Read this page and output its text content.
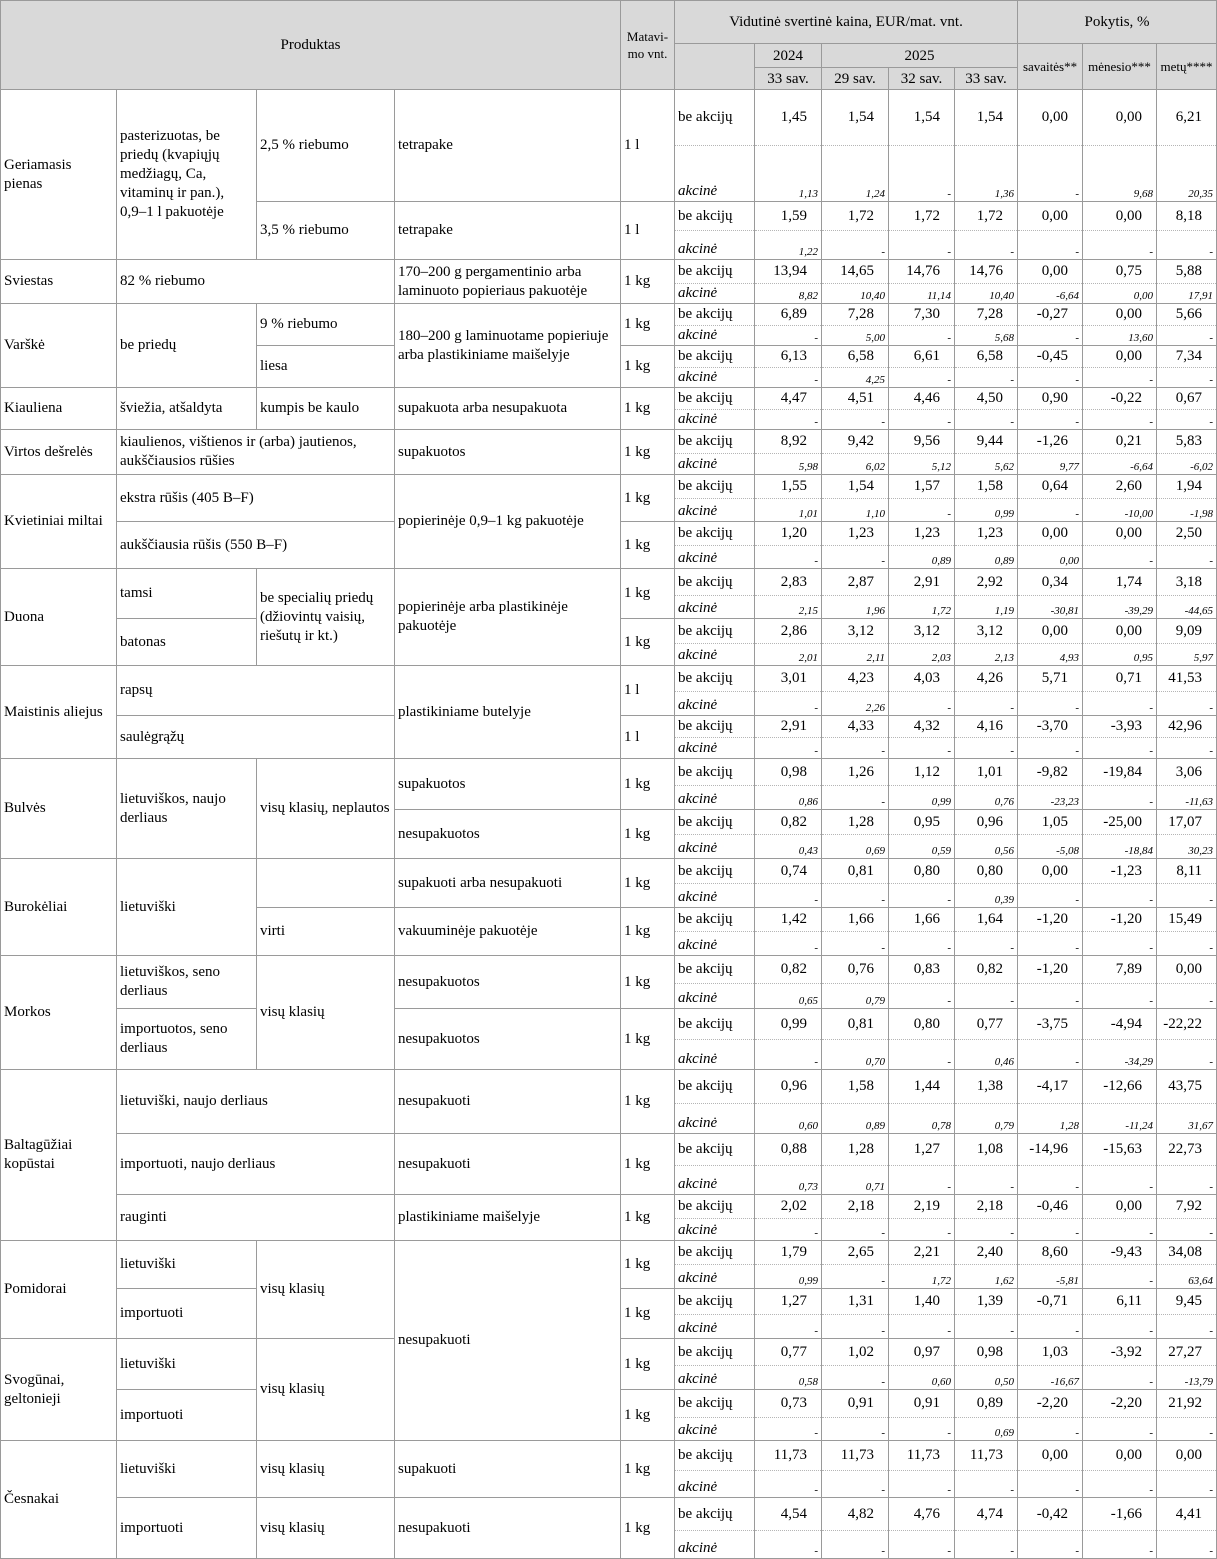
Produktas				Matavi-mo vnt.	Vidutinė svertinė kaina, EUR/mat. vnt.					Pokytis, %		
						2024	2025			savaitės**	mėnesio***	metų****
						33 sav.	29 sav.	32 sav.	33 sav.			
Geriamasis pienas	pasterizuotas, be priedų (kvapiųjų medžiagų, Ca, vitaminų ir pan.), 0,9–1 l pakuotėje	2,5 % riebumo	tetrapake	1 l	be akcijų	1,45	1,54	1,54	1,54	0,00	0,00	6,21
					akcinė	1,13	1,24	-	1,36	-	9,68	20,35
		3,5 % riebumo	tetrapake	1 l	be akcijų	1,59	1,72	1,72	1,72	0,00	0,00	8,18
					akcinė	1,22	-	-	-	-	-	-
Sviestas	82 % riebumo		170–200 g pergamentinio arba laminuoto popieriaus pakuotėje	1 kg	be akcijų	13,94	14,65	14,76	14,76	0,00	0,75	5,88
					akcinė	8,82	10,40	11,14	10,40	-6,64	0,00	17,91
Varškė	be priedų	9 % riebumo	180–200 g laminuotame popieriuje arba plastikiniame maišelyje	1 kg	be akcijų	6,89	7,28	7,30	7,28	-0,27	0,00	5,66
					akcinė	-	5,00	-	5,68	-	13,60	-
		liesa		1 kg	be akcijų	6,13	6,58	6,61	6,58	-0,45	0,00	7,34
					akcinė	-	4,25	-	-	-	-	-
Kiauliena	šviežia, atšaldyta	kumpis be kaulo	supakuota arba nesupakuota	1 kg	be akcijų	4,47	4,51	4,46	4,50	0,90	-0,22	0,67
					akcinė	-	-	-	-	-	-	-
Virtos dešrelės	kiaulienos, vištienos ir (arba) jautienos, aukščiausios rūšies		supakuotos	1 kg	be akcijų	8,92	9,42	9,56	9,44	-1,26	0,21	5,83
					akcinė	5,98	6,02	5,12	5,62	9,77	-6,64	-6,02
Kvietiniai miltai	ekstra rūšis (405 B–F)		popierinėje 0,9–1 kg pakuotėje	1 kg	be akcijų	1,55	1,54	1,57	1,58	0,64	2,60	1,94
					akcinė	1,01	1,10	-	0,99	-	-10,00	-1,98
	aukščiausia rūšis (550 B–F)			1 kg	be akcijų	1,20	1,23	1,23	1,23	0,00	0,00	2,50
					akcinė	-	-	0,89	0,89	0,00	-	-
Duona	tamsi	be specialių priedų (džiovintų vaisių, riešutų ir kt.)	popierinėje arba plastikinėje pakuotėje	1 kg	be akcijų	2,83	2,87	2,91	2,92	0,34	1,74	3,18
					akcinė	2,15	1,96	1,72	1,19	-30,81	-39,29	-44,65
	batonas			1 kg	be akcijų	2,86	3,12	3,12	3,12	0,00	0,00	9,09
					akcinė	2,01	2,11	2,03	2,13	4,93	0,95	5,97
Maistinis aliejus	rapsų		plastikiniame butelyje	1 l	be akcijų	3,01	4,23	4,03	4,26	5,71	0,71	41,53
					akcinė	-	2,26	-	-	-	-	-
	saulėgrąžų			1 l	be akcijų	2,91	4,33	4,32	4,16	-3,70	-3,93	42,96
					akcinė	-	-	-	-	-	-	-
Bulvės	lietuviškos, naujo derliaus	visų klasių, neplautos	supakuotos	1 kg	be akcijų	0,98	1,26	1,12	1,01	-9,82	-19,84	3,06
					akcinė	0,86	-	0,99	0,76	-23,23	-	-11,63
			nesupakuotos	1 kg	be akcijų	0,82	1,28	0,95	0,96	1,05	-25,00	17,07
					akcinė	0,43	0,69	0,59	0,56	-5,08	-18,84	30,23
Burokėliai	lietuviški		supakuoti arba nesupakuoti	1 kg	be akcijų	0,74	0,81	0,80	0,80	0,00	-1,23	8,11
					akcinė	-	-	-	0,39	-	-	-
		virti	vakuuminėje pakuotėje	1 kg	be akcijų	1,42	1,66	1,66	1,64	-1,20	-1,20	15,49
					akcinė	-	-	-	-	-	-	-
Morkos	lietuviškos, seno derliaus	visų klasių	nesupakuotos	1 kg	be akcijų	0,82	0,76	0,83	0,82	-1,20	7,89	0,00
					akcinė	0,65	0,79	-	-	-	-	-
	importuotos, seno derliaus		nesupakuotos	1 kg	be akcijų	0,99	0,81	0,80	0,77	-3,75	-4,94	-22,22
					akcinė	-	0,70	-	0,46	-	-34,29	-
Baltagūžiai kopūstai	lietuviški, naujo derliaus		nesupakuoti	1 kg	be akcijų	0,96	1,58	1,44	1,38	-4,17	-12,66	43,75
					akcinė	0,60	0,89	0,78	0,79	1,28	-11,24	31,67
	importuoti, naujo derliaus		nesupakuoti	1 kg	be akcijų	0,88	1,28	1,27	1,08	-14,96	-15,63	22,73
					akcinė	0,73	0,71	-	-	-	-	-
	rauginti		plastikiniame maišelyje	1 kg	be akcijų	2,02	2,18	2,19	2,18	-0,46	0,00	7,92
					akcinė	-	-	-	-	-	-	-
Pomidorai	lietuviški	visų klasių	nesupakuoti	1 kg	be akcijų	1,79	2,65	2,21	2,40	8,60	-9,43	34,08
					akcinė	0,99	-	1,72	1,62	-5,81	-	63,64
	importuoti			1 kg	be akcijų	1,27	1,31	1,40	1,39	-0,71	6,11	9,45
					akcinė	-	-	-	-	-	-	-
Svogūnai, geltonieji	lietuviški	visų klasių		1 kg	be akcijų	0,77	1,02	0,97	0,98	1,03	-3,92	27,27
					akcinė	0,58	-	0,60	0,50	-16,67	-	-13,79
	importuoti			1 kg	be akcijų	0,73	0,91	0,91	0,89	-2,20	-2,20	21,92
					akcinė	-	-	-	0,69	-	-	-
Česnakai	lietuviški	visų klasių	supakuoti	1 kg	be akcijų	11,73	11,73	11,73	11,73	0,00	0,00	0,00
					akcinė	-	-	-	-	-	-	-
	importuoti	visų klasių	nesupakuoti	1 kg	be akcijų	4,54	4,82	4,76	4,74	-0,42	-1,66	4,41
					akcinė	-	-	-	-	-	-	-
